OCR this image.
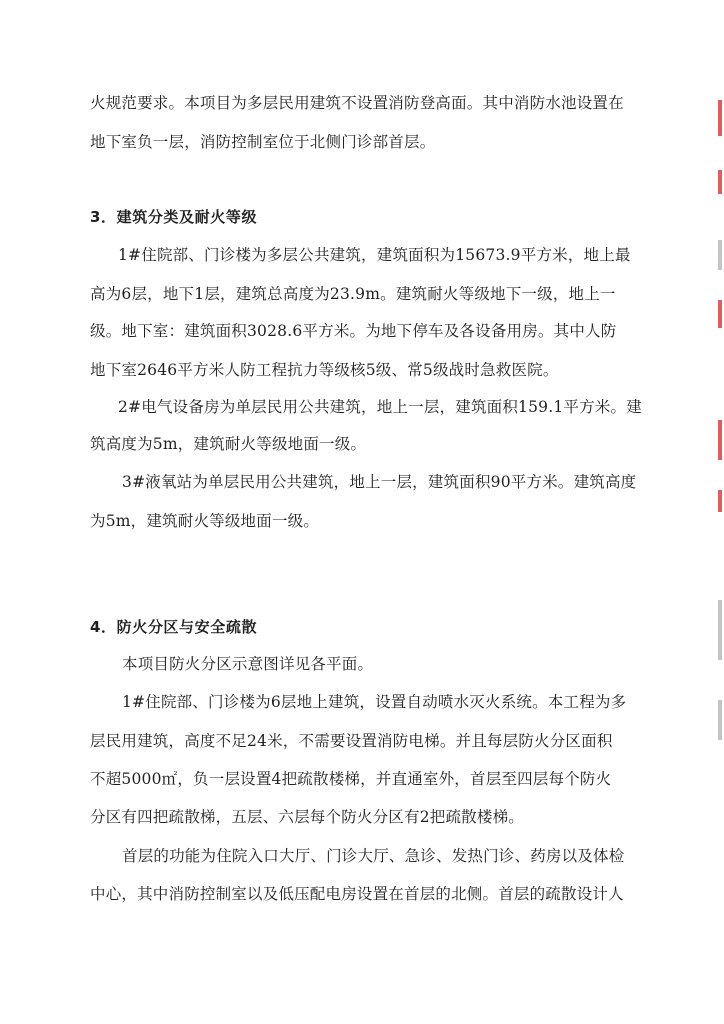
火规范要求。本项目为多层民用建筑不设置消防登高面。其中消防水池设置在
地下室负一层，消防控制室位于北侧门诊部首层。
3．建筑分类及耐火等级
1#住院部、门诊楼为多层公共建筑，建筑面积为15673.9平方米，地上最
高为6层，地下1层，建筑总高度为23.9m。建筑耐火等级地下一级，地上一
级。地下室：建筑面积3028.6平方米。为地下停车及各设备用房。其中人防
地下室2646平方米人防工程抗力等级核5级、常5级战时急救医院。
2#电气设备房为单层民用公共建筑，地上一层，建筑面积159.1平方米。建
筑高度为5m，建筑耐火等级地面一级。
3#液氧站为单层民用公共建筑，地上一层，建筑面积90平方米。建筑高度
为5m，建筑耐火等级地面一级。
4．防火分区与安全疏散
本项目防火分区示意图详见各平面。
1#住院部、门诊楼为6层地上建筑，设置自动喷水灭火系统。本工程为多
层民用建筑，高度不足24米，不需要设置消防电梯。并且每层防火分区面积
不超5000㎡，负一层设置4把疏散楼梯，并直通室外，首层至四层每个防火
分区有四把疏散梯，五层、六层每个防火分区有2把疏散楼梯。
首层的功能为住院入口大厅、门诊大厅、急诊、发热门诊、药房以及体检
中心，其中消防控制室以及低压配电房设置在首层的北侧。首层的疏散设计人
